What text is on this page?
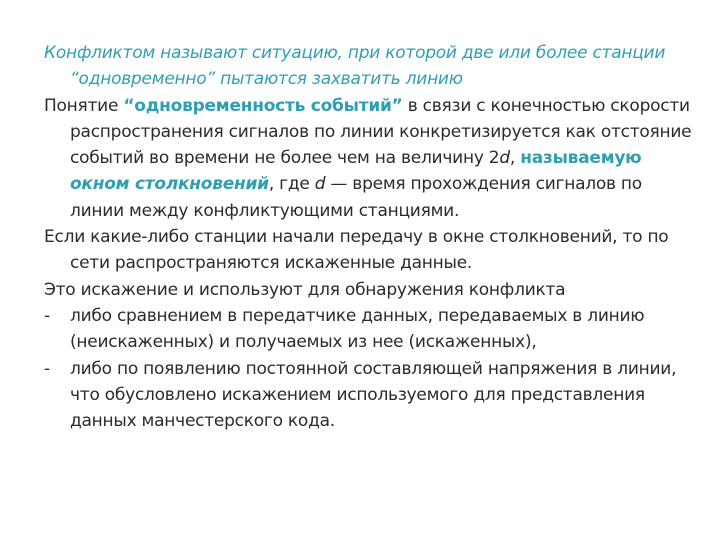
Конфликтом называют ситуацию, при которой две или более станции “одновременно” пытаются захватить линию

Понятие “одновременность событий” в связи с конечностью скорости распространения сигналов по линии конкретизируется как отстояние событий во времени не более чем на величину 2d, называемую окном столкновений, где d — время прохождения сигналов по линии между конфликтующими станциями.

Если какие-либо станции начали передачу в окне столкновений, то по сети распространяются искаженные данные.

Это искажение и используют для обнаружения конфликта

- либо сравнением в передатчике данных, передаваемых в линию (неискаженных) и получаемых из нее (искаженных),

- либо по появлению постоянной составляющей напряжения в линии, что обусловлено искажением используемого для представления данных манчестерского кода.
